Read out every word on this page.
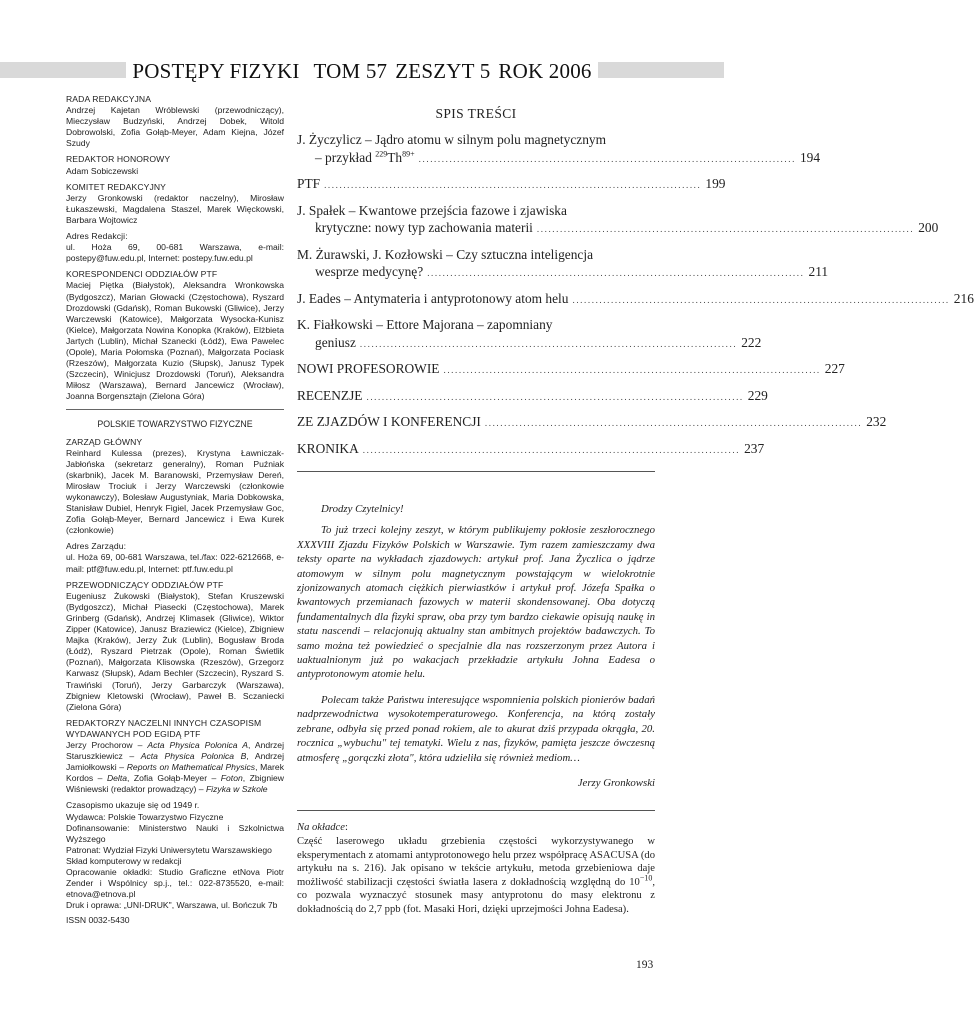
POSTĘPY FIZYKI TOM 57 ZESZYT 5 ROK 2006
RADA REDAKCYJNA
Andrzej Kajetan Wróblewski (przewodniczący), Mieczysław Budzyński, Andrzej Dobek, Witold Dobrowolski, Zofia Gołąb-Meyer, Adam Kiejna, Józef Szudy
REDAKTOR HONOROWY
Adam Sobiczewski
KOMITET REDAKCYJNY
Jerzy Gronkowski (redaktor naczelny), Mirosław Łukaszewski, Magdalena Staszel, Marek Więckowski, Barbara Wojtowicz
Adres Redakcji:
ul. Hoża 69, 00-681 Warszawa, e-mail: postepy@fuw.edu.pl, Internet: postepy.fuw.edu.pl
KORESPONDENCI ODDZIAŁÓW PTF
Maciej Piętka (Białystok), Aleksandra Wronkowska (Bydgoszcz), Marian Głowacki (Częstochowa), Ryszard Drozdowski (Gdańsk), Roman Bukowski (Gliwice), Jerzy Warczewski (Katowice), Małgorzata Wysocka-Kunisz (Kielce), Małgorzata Nowina Konopka (Kraków), Elżbieta Jartych (Lublin), Michał Szanecki (Łódź), Ewa Pawelec (Opole), Maria Połomska (Poznań), Małgorzata Pociask (Rzeszów), Małgorzata Kuzio (Słupsk), Janusz Typek (Szczecin), Winicjusz Drozdowski (Toruń), Aleksandra Miłosz (Warszawa), Bernard Jancewicz (Wrocław), Joanna Borgensztajn (Zielona Góra)
POLSKIE TOWARZYSTWO FIZYCZNE
ZARZĄD GŁÓWNY
Reinhard Kulessa (prezes), Krystyna Ławniczak-Jabłońska (sekretarz generalny), Roman Puźniak (skarbnik), Jacek M. Baranowski, Przemysław Dereń, Mirosław Trociuk i Jerzy Warczewski (członkowie wykonawczy), Bolesław Augustyniak, Maria Dobkowska, Stanisław Dubiel, Henryk Figiel, Jacek Przemysław Goc, Zofia Gołąb-Meyer, Bernard Jancewicz i Ewa Kurek (członkowie)
Adres Zarządu:
ul. Hoża 69, 00-681 Warszawa, tel./fax: 022-6212668, e-mail: ptf@fuw.edu.pl, Internet: ptf.fuw.edu.pl
PRZEWODNICZĄCY ODDZIAŁÓW PTF
Eugeniusz Żukowski (Białystok), Stefan Kruszewski (Bydgoszcz), Michał Piasecki (Częstochowa), Marek Grinberg (Gdańsk), Andrzej Klimasek (Gliwice), Wiktor Zipper (Katowice), Janusz Braziewicz (Kielce), Zbigniew Majka (Kraków), Jerzy Żuk (Lublin), Bogusław Broda (Łódź), Ryszard Pietrzak (Opole), Roman Świetlik (Poznań), Małgorzata Klisowska (Rzeszów), Grzegorz Karwasz (Słupsk), Adam Bechler (Szczecin), Ryszard S. Trawiński (Toruń), Jerzy Garbarczyk (Warszawa), Zbigniew Kletowski (Wrocław), Paweł B. Sczaniecki (Zielona Góra)
REDAKTORZY NACZELNI INNYCH CZASOPISM WYDAWANYCH POD EGIDĄ PTF
Jerzy Prochorow – Acta Physica Polonica A, Andrzej Staruszkiewicz – Acta Physica Polonica B, Andrzej Jamiołkowski – Reports on Mathematical Physics, Marek Kordos – Delta, Zofia Gołąb-Meyer – Foton, Zbigniew Wiśniewski (redaktor prowadzący) – Fizyka w Szkole
Czasopismo ukazuje się od 1949 r.
Wydawca: Polskie Towarzystwo Fizyczne
Dofinansowanie: Ministerstwo Nauki i Szkolnictwa Wyższego
Patronat: Wydział Fizyki Uniwersytetu Warszawskiego
Skład komputerowy w redakcji
Opracowanie okładki: Studio Graficzne etNova Piotr Zender i Wspólnicy sp.j., tel.: 022-8735520, e-mail: etnova@etnova.pl
Druk i oprawa: „UNI-DRUK", Warszawa, ul. Bończuk 7b
ISSN 0032-5430
SPIS TREŚCI
J. Życzylicz – Jądro atomu w silnym polu magnetycznym
– przykład $^{229}Th^{89+}$ .................................................................................................. 194
PTF .................................................................................................. 199
J. Spałek – Kwantowe przejścia fazowe i zjawiska
krytyczne: nowy typ zachowania materii .................................................................................................. 200
M. Żurawski, J. Kozłowski – Czy sztuczna inteligencja
wesprze medycynę? .................................................................................................. 211
J. Eades – Antymateria i antyprotonowy atom helu .................................................................................................. 216
K. Fiałkowski – Ettore Majorana – zapomniany
geniusz .................................................................................................. 222
NOWI PROFESOROWIE .................................................................................................. 227
RECENZJE .................................................................................................. 229
ZE ZJAZDÓW I KONFERENCJI .................................................................................................. 232
KRONIKA .................................................................................................. 237

Drodzy Czytelnicy!

To już trzeci kolejny zeszyt, w którym publikujemy pokłosie zeszłorocznego XXXVIII Zjazdu Fizyków Polskich w Warszawie. Tym razem zamieszczamy dwa teksty oparte na wykładach zjazdowych: artykuł prof. Jana Życzlica o jądrze atomowym w silnym polu magnetycznym powstającym w wielokrotnie zjonizowanych atomach ciężkich pierwiastków i artykuł prof. Józefa Spałka o kwantowych przemianach fazowych w materii skondensowanej. Oba dotyczą fundamentalnych dla fizyki spraw, oba przy tym bardzo ciekawie opisują naukę in statu nascendi – relacjonują aktualny stan ambitnych projektów badawczych. To samo można też powiedzieć o specjalnie dla nas rozszerzonym przez Autora i uaktualnionym już po wakacjach przekładzie artykułu Johna Eadesa o antyprotonowym atomie helu.

Polecam także Państwu interesujące wspomnienia polskich pionierów badań nadprzewodnictwa wysokotemperaturowego. Konferencja, na którą zostały zebrane, odbyła się przed ponad rokiem, ale to akurat dziś przypada okrągła, 20. rocznica „wybuchu" tej tematyki. Wielu z nas, fizyków, pamięta jeszcze ówczesną atmosferę „gorączki złota", która udzieliła się również mediom…

Jerzy Gronkowski
Na okładce:
Część laserowego układu grzebienia częstości wykorzystywanego w eksperymentach z atomami antyprotonowego helu przez współpracę ASACUSA (do artykułu na s. 216). Jak opisano w tekście artykułu, metoda grzebieniowa daje możliwość stabilizacji częstości światła lasera z dokładnością względną do $10^{-10}$, co pozwala wyznaczyć stosunek masy antyprotonu do masy elektronu z dokładnością do 2,7 ppb (fot. Masaki Hori, dzięki uprzejmości Johna Eadesa).
193
